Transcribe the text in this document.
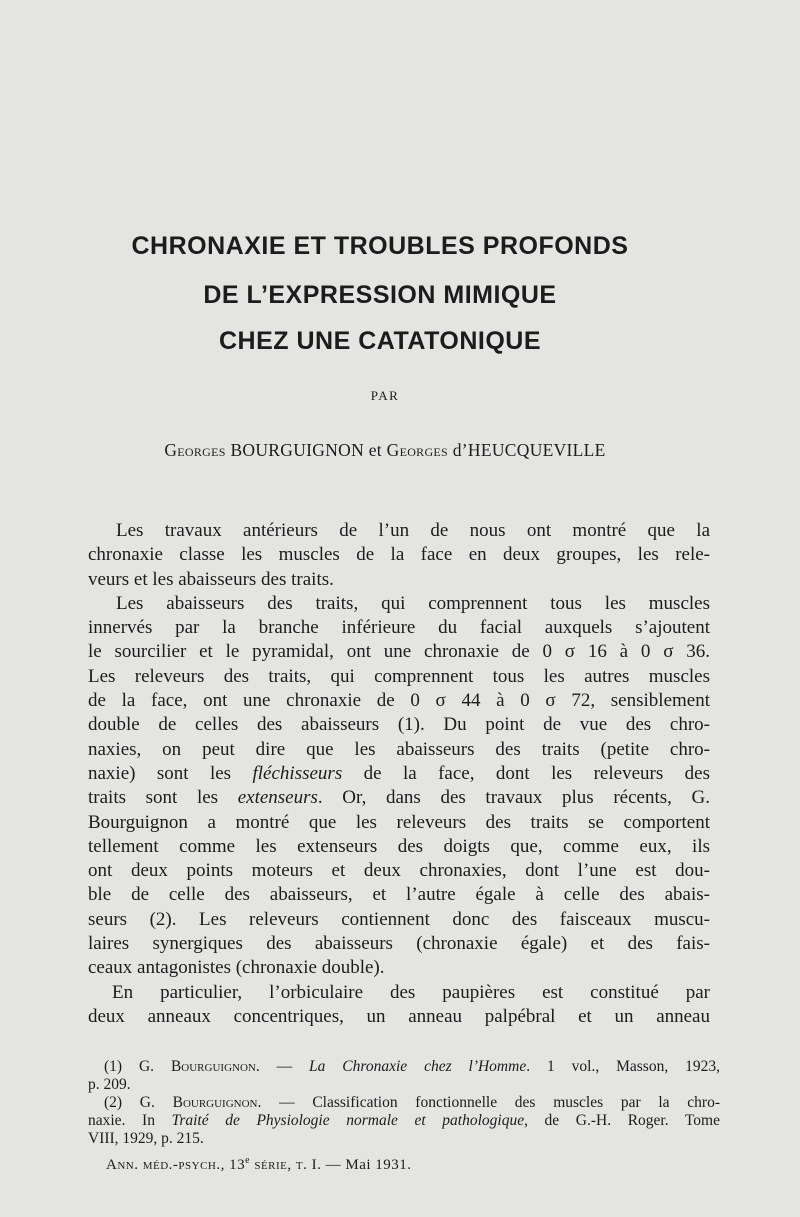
CHRONAXIE ET TROUBLES PROFONDS
DE L’EXPRESSION MIMIQUE
CHEZ UNE CATATONIQUE
PAR
Georges BOURGUIGNON et Georges d’HEUCQUEVILLE
Les travaux antérieurs de l’un de nous ont montré que la
chronaxie classe les muscles de la face en deux groupes, les rele-
veurs et les abaisseurs des traits.
Les abaisseurs des traits, qui comprennent tous les muscles
innervés par la branche inférieure du facial auxquels s’ajoutent
le sourcilier et le pyramidal, ont une chronaxie de 0 σ 16 à 0 σ 36.
Les releveurs des traits, qui comprennent tous les autres muscles
de la face, ont une chronaxie de 0 σ 44 à 0 σ 72, sensiblement
double de celles des abaisseurs (1). Du point de vue des chro-
naxies, on peut dire que les abaisseurs des traits (petite chro-
naxie) sont les fléchisseurs de la face, dont les releveurs des
traits sont les extenseurs. Or, dans des travaux plus récents, G.
Bourguignon a montré que les releveurs des traits se comportent
tellement comme les extenseurs des doigts que, comme eux, ils
ont deux points moteurs et deux chronaxies, dont l’une est dou-
ble de celle des abaisseurs, et l’autre égale à celle des abais-
seurs (2). Les releveurs contiennent donc des faisceaux muscu-
laires synergiques des abaisseurs (chronaxie égale) et des fais-
ceaux antagonistes (chronaxie double).
En particulier, l’orbiculaire des paupières est constitué par
deux anneaux concentriques, un anneau palpébral et un anneau
(1) G. Bourguignon. — La Chronaxie chez l’Homme. 1 vol., Masson, 1923,
p. 209.
(2) G. Bourguignon. — Classification fonctionnelle des muscles par la chro-
naxie. In Traité de Physiologie normale et pathologique, de G.-H. Roger. Tome
VIII, 1929, p. 215.
Ann. méd.-psych., 13e série, t. I. — Mai 1931.
